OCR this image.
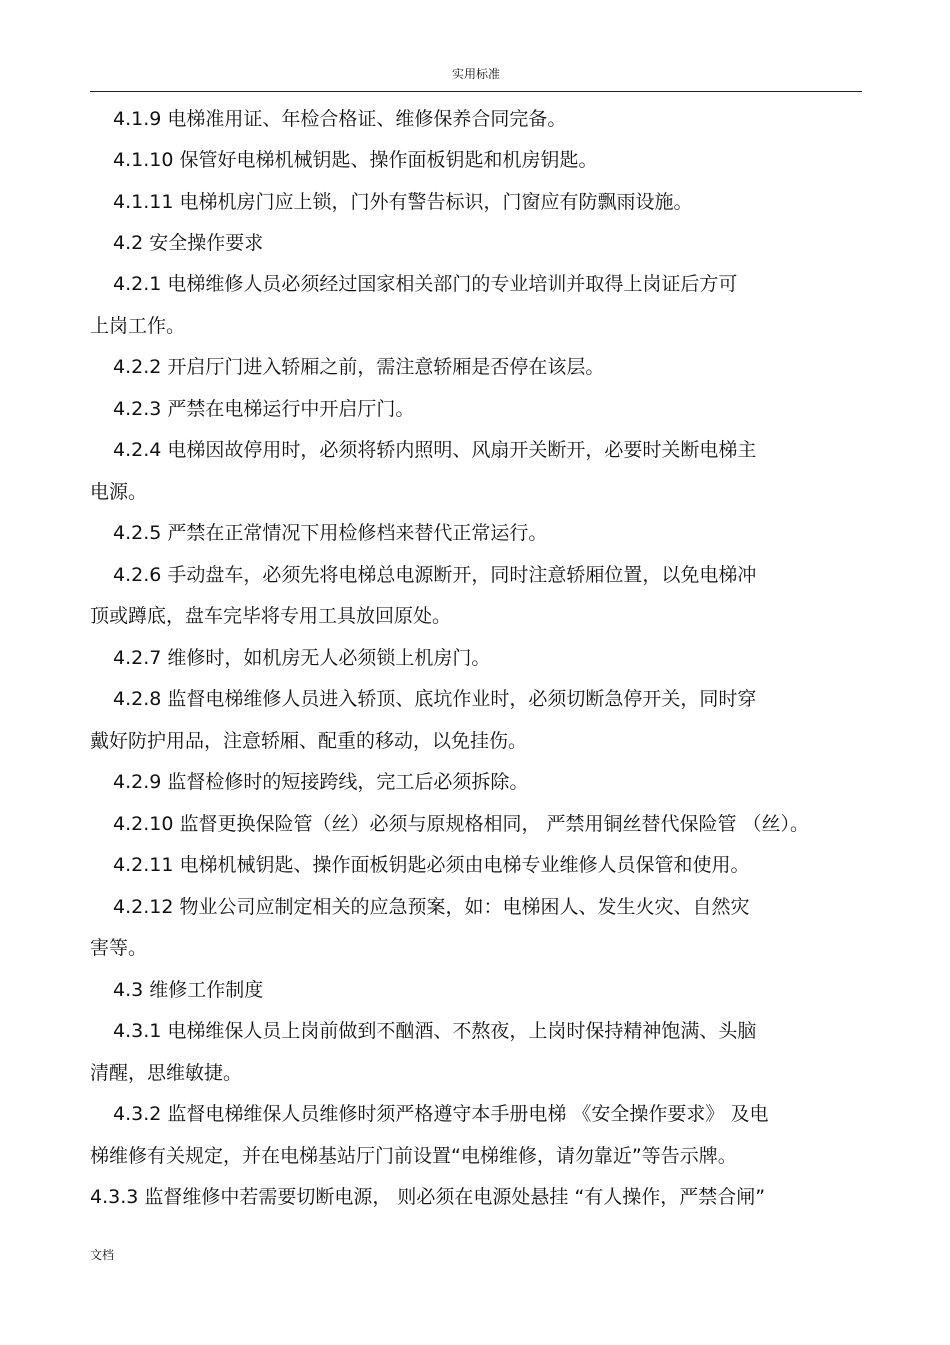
实用标准
4.1.9 电梯准用证、年检合格证、维修保养合同完备。
4.1.10 保管好电梯机械钥匙、操作面板钥匙和机房钥匙。
4.1.11 电梯机房门应上锁，门外有警告标识，门窗应有防飘雨设施。
4.2 安全操作要求
4.2.1 电梯维修人员必须经过国家相关部门的专业培训并取得上岗证后方可
上岗工作。
4.2.2 开启厅门进入轿厢之前，需注意轿厢是否停在该层。
4.2.3 严禁在电梯运行中开启厅门。
4.2.4 电梯因故停用时，必须将轿内照明、风扇开关断开，必要时关断电梯主
电源。
4.2.5 严禁在正常情况下用检修档来替代正常运行。
4.2.6 手动盘车，必须先将电梯总电源断开，同时注意轿厢位置，以免电梯冲
顶或蹲底，盘车完毕将专用工具放回原处。
4.2.7 维修时，如机房无人必须锁上机房门。
4.2.8 监督电梯维修人员进入轿顶、底坑作业时，必须切断急停开关，同时穿
戴好防护用品，注意轿厢、配重的移动，以免挂伤。
4.2.9 监督检修时的短接跨线，完工后必须拆除。
4.2.10 监督更换保险管（丝）必须与原规格相同， 严禁用铜丝替代保险管 （丝）。
4.2.11 电梯机械钥匙、操作面板钥匙必须由电梯专业维修人员保管和使用。
4.2.12 物业公司应制定相关的应急预案，如：电梯困人、发生火灾、自然灾
害等。
4.3 维修工作制度
4.3.1 电梯维保人员上岗前做到不酗酒、不熬夜，上岗时保持精神饱满、头脑
清醒，思维敏捷。
4.3.2 监督电梯维保人员维修时须严格遵守本手册电梯 《安全操作要求》 及电
梯维修有关规定，并在电梯基站厅门前设置“电梯维修，请勿靠近”等告示牌。
4.3.3 监督维修中若需要切断电源， 则必须在电源处悬挂 “有人操作，严禁合闸”
文档
